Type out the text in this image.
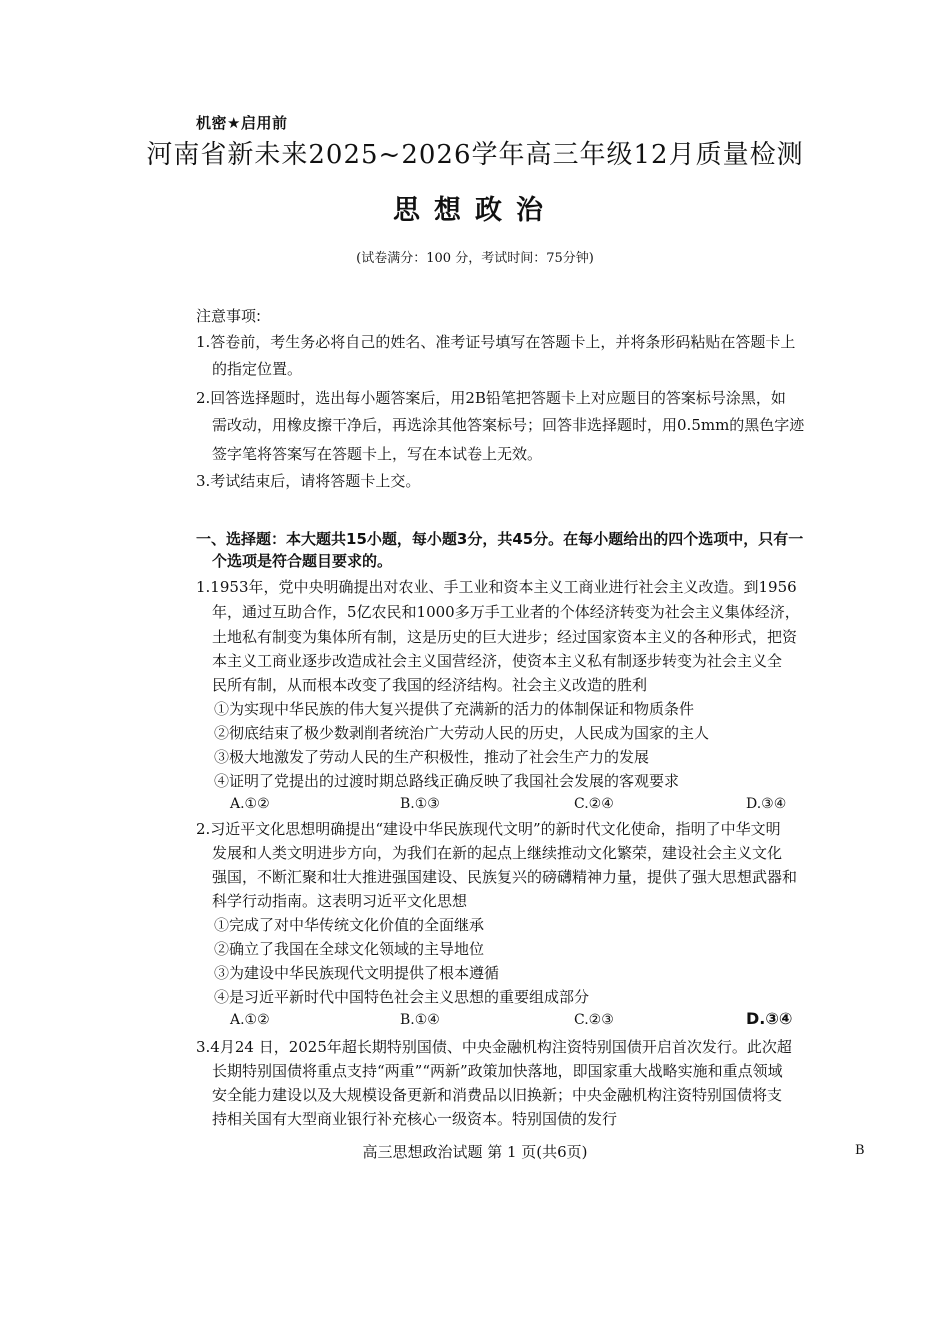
机密★启用前
河南省新未来2025~2026学年高三年级12月质量检测
思想政治
(试卷满分：100 分，考试时间：75分钟)
注意事项:
1.答卷前，考生务必将自己的姓名、准考证号填写在答题卡上，并将条形码粘贴在答题卡上
的指定位置。
2.回答选择题时，选出每小题答案后，用2B铅笔把答题卡上对应题目的答案标号涂黑，如
需改动，用橡皮擦干净后，再选涂其他答案标号；回答非选择题时，用0.5mm的黑色字迹
签字笔将答案写在答题卡上，写在本试卷上无效。
3.考试结束后，请将答题卡上交。
一、选择题：本大题共15小题，每小题3分，共45分。在每小题给出的四个选项中，只有一
个选项是符合题目要求的。
1.1953年，党中央明确提出对农业、手工业和资本主义工商业进行社会主义改造。到1956
年，通过互助合作，5亿农民和1000多万手工业者的个体经济转变为社会主义集体经济，
土地私有制变为集体所有制，这是历史的巨大进步；经过国家资本主义的各种形式，把资
本主义工商业逐步改造成社会主义国营经济，使资本主义私有制逐步转变为社会主义全
民所有制，从而根本改变了我国的经济结构。社会主义改造的胜利
①为实现中华民族的伟大复兴提供了充满新的活力的体制保证和物质条件
②彻底结束了极少数剥削者统治广大劳动人民的历史，人民成为国家的主人
③极大地激发了劳动人民的生产积极性，推动了社会生产力的发展
④证明了党提出的过渡时期总路线正确反映了我国社会发展的客观要求
A.①②	B.①③	C.②④	D.③④
2.习近平文化思想明确提出“建设中华民族现代文明”的新时代文化使命，指明了中华文明
发展和人类文明进步方向，为我们在新的起点上继续推动文化繁荣，建设社会主义文化
强国，不断汇聚和壮大推进强国建设、民族复兴的磅礴精神力量，提供了强大思想武器和
科学行动指南。这表明习近平文化思想
①完成了对中华传统文化价值的全面继承
②确立了我国在全球文化领域的主导地位
③为建设中华民族现代文明提供了根本遵循
④是习近平新时代中国特色社会主义思想的重要组成部分
A.①②	B.①④	C.②③	D.③④
3.4月24 日，2025年超长期特别国债、中央金融机构注资特别国债开启首次发行。此次超
长期特别国债将重点支持“两重”“两新”政策加快落地，即国家重大战略实施和重点领域
安全能力建设以及大规模设备更新和消费品以旧换新；中央金融机构注资特别国债将支
持相关国有大型商业银行补充核心一级资本。特别国债的发行
高三思想政治试题 第 1 页(共6页)	B
